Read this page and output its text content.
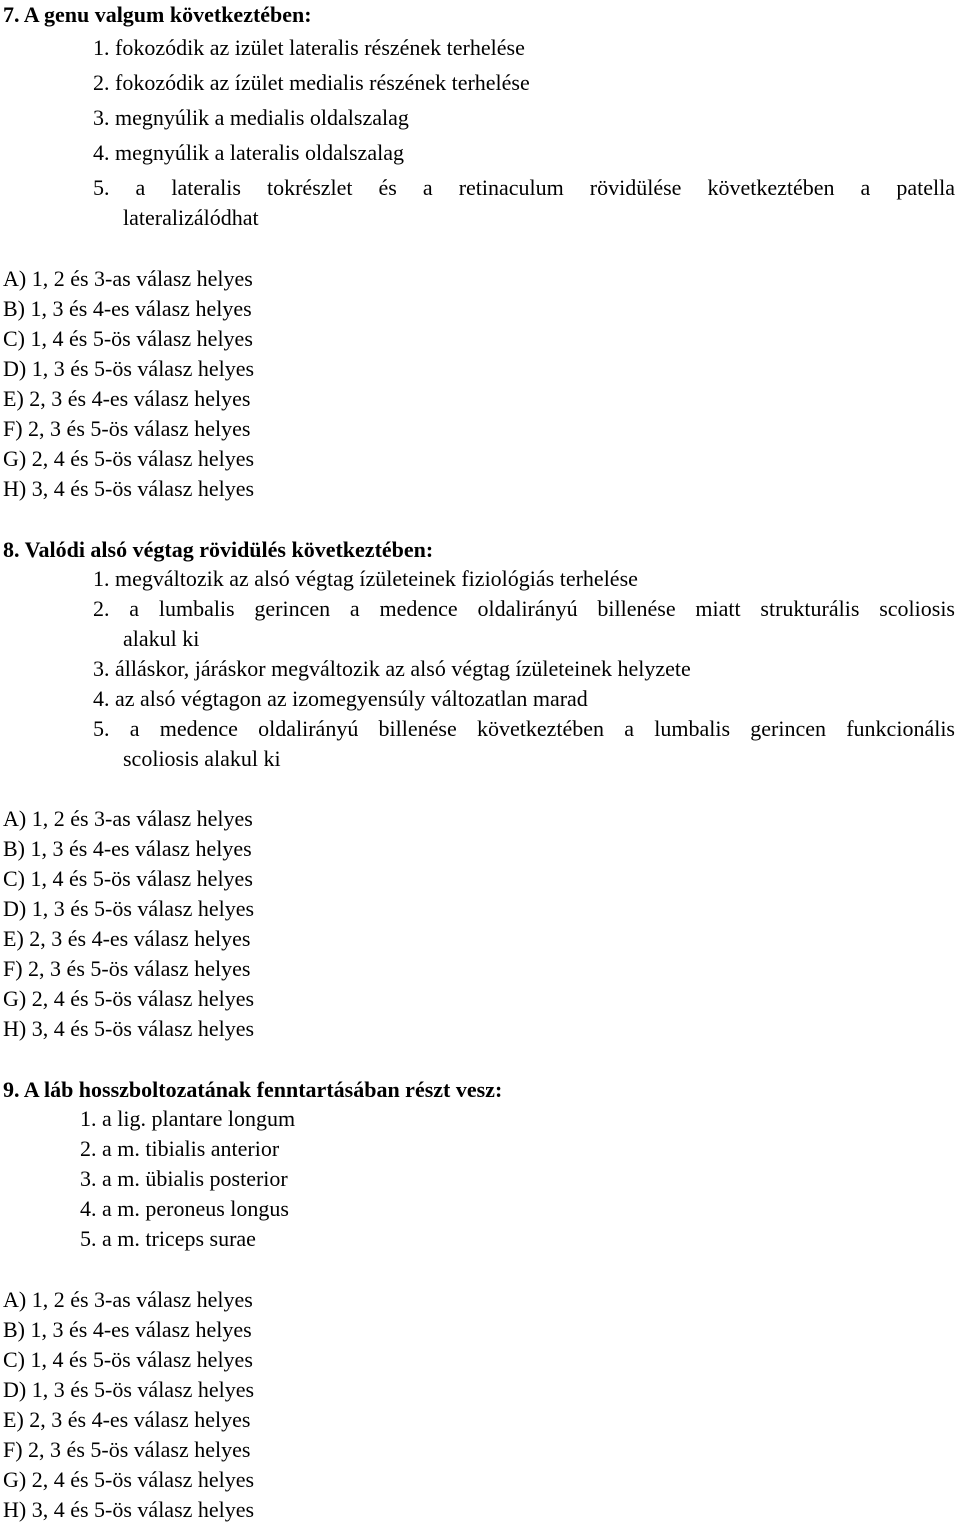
7. A genu valgum következtében:
1. fokozódik az izület lateralis részének terhelése
2. fokozódik az ízület medialis részének terhelése
3. megnyúlik a medialis oldalszalag
4. megnyúlik a lateralis oldalszalag
5. a lateralis tokrészlet és a retinaculum rövidülése következtében a patella
lateralizálódhat
A) 1, 2 és 3-as válasz helyes
B) 1, 3 és 4-es válasz helyes
C) 1, 4 és 5-ös válasz helyes
D) 1, 3 és 5-ös válasz helyes
E) 2, 3 és 4-es válasz helyes
F) 2, 3 és 5-ös válasz helyes
G) 2, 4 és 5-ös válasz helyes
H) 3, 4 és 5-ös válasz helyes
8. Valódi alsó végtag rövidülés következtében:
1. megváltozik az alsó végtag ízületeinek fiziológiás terhelése
2. a lumbalis gerincen a medence oldalirányú billenése miatt strukturális scoliosis
alakul ki
3. álláskor, járáskor megváltozik az alsó végtag ízületeinek helyzete
4. az alsó végtagon az izomegyensúly változatlan marad
5. a medence oldalirányú billenése következtében a lumbalis gerincen funkcionális
scoliosis alakul ki
A) 1, 2 és 3-as válasz helyes
B) 1, 3 és 4-es válasz helyes
C) 1, 4 és 5-ös válasz helyes
D) 1, 3 és 5-ös válasz helyes
E) 2, 3 és 4-es válasz helyes
F) 2, 3 és 5-ös válasz helyes
G) 2, 4 és 5-ös válasz helyes
H) 3, 4 és 5-ös válasz helyes
9. A láb hosszboltozatának fenntartásában részt vesz:
1. a lig. plantare longum
2. a m. tibialis anterior
3. a m. übialis posterior
4. a m. peroneus longus
5. a m. triceps surae
A) 1, 2 és 3-as válasz helyes
B) 1, 3 és 4-es válasz helyes
C) 1, 4 és 5-ös válasz helyes
D) 1, 3 és 5-ös válasz helyes
E) 2, 3 és 4-es válasz helyes
F) 2, 3 és 5-ös válasz helyes
G) 2, 4 és 5-ös válasz helyes
H) 3, 4 és 5-ös válasz helyes
